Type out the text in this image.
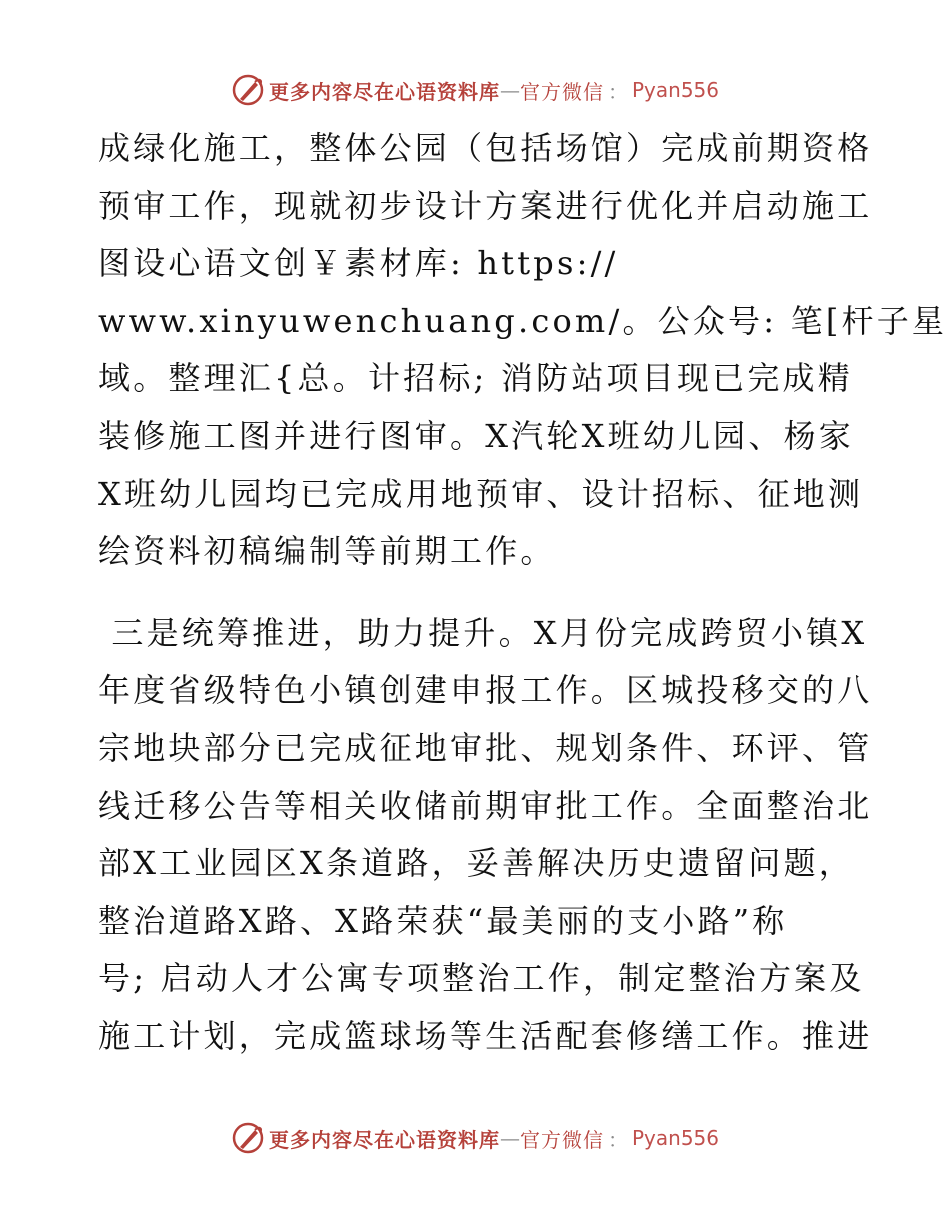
更多内容尽在心语资料库 — 官方微信 ： Pyan556
成绿化施工，整体公园（包括场馆）完成前期资格
预审工作，现就初步设计方案进行优化并启动施工
图设心语文创￥素材库: https://
www.xinyuwenchuang.com/。公众号: 笔[杆子星
域。整理汇{总。计招标; 消防站项目现已完成精
装修施工图并进行图审。X汽轮X班幼儿园、杨家
X班幼儿园均已完成用地预审、设计招标、征地测
绘资料初稿编制等前期工作。
三是统筹推进，助力提升。X月份完成跨贸小镇X
年度省级特色小镇创建申报工作。区城投移交的八
宗地块部分已完成征地审批、规划条件、环评、管
线迁移公告等相关收储前期审批工作。全面整治北
部X工业园区X条道路，妥善解决历史遗留问题，
整治道路X路、X路荣获“最美丽的支小路”称
号; 启动人才公寓专项整治工作，制定整治方案及
施工计划，完成篮球场等生活配套修缮工作。推进
更多内容尽在心语资料库 — 官方微信 ： Pyan556
